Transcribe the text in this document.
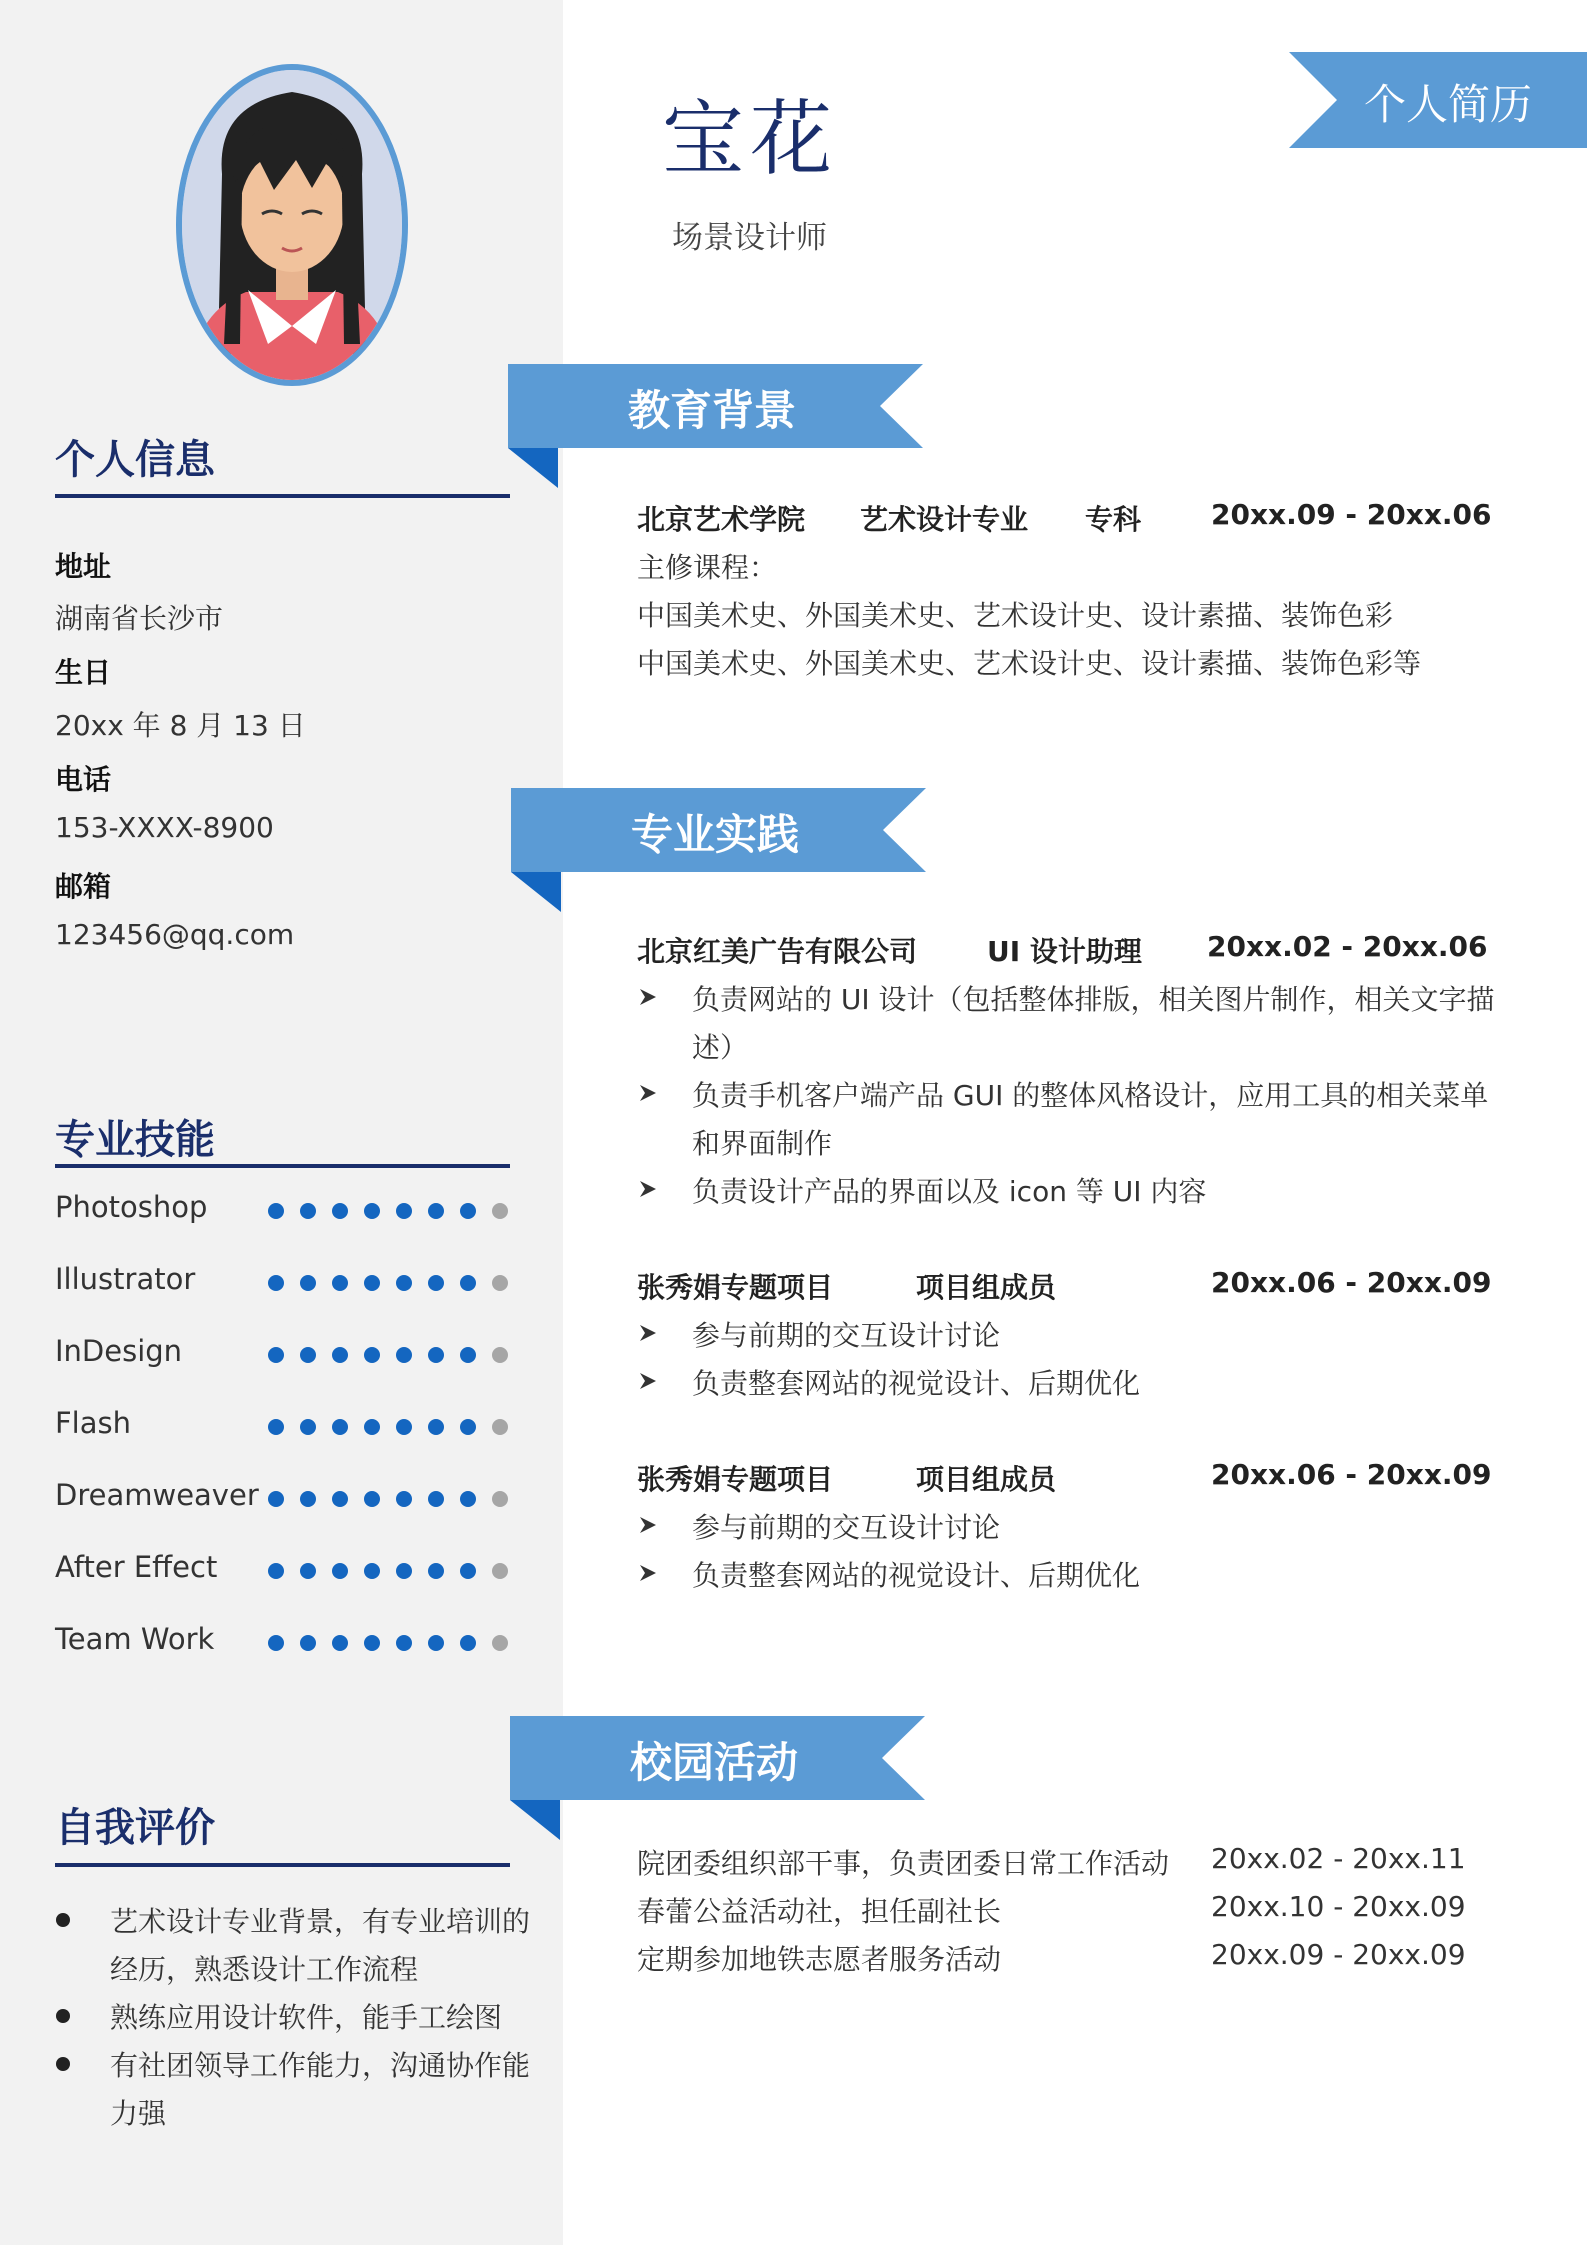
宝花
场景设计师
个人简历
个人信息
地址
湖南省长沙市
生日
20xx 年 8 月 13 日
电话
153-XXXX-8900
邮箱
123456@qq.com
专业技能
Photoshop
Illustrator
InDesign
Flash
Dreamweaver
After Effect
Team Work
自我评价
艺术设计专业背景，有专业培训的
经历，熟悉设计工作流程
熟练应用设计软件，能手工绘图
有社团领导工作能力，沟通协作能
力强
教育背景
北京艺术学院 艺术设计专业 专科 20xx.09 - 20xx.06
主修课程：
中国美术史、外国美术史、艺术设计史、设计素描、装饰色彩
中国美术史、外国美术史、艺术设计史、设计素描、装饰色彩等
专业实践
北京红美广告有限公司 UI 设计助理 20xx.02 - 20xx.06
负责网站的 UI 设计（包括整体排版，相关图片制作，相关文字描
述）
负责手机客户端产品 GUI 的整体风格设计，应用工具的相关菜单
和界面制作
负责设计产品的界面以及 icon 等 UI 内容
张秀娟专题项目	项目组成员	20xx.06 - 20xx.09
参与前期的交互设计讨论
负责整套网站的视觉设计、后期优化
张秀娟专题项目	项目组成员	20xx.06 - 20xx.09
参与前期的交互设计讨论
负责整套网站的视觉设计、后期优化
校园活动
院团委组织部干事，负责团委日常工作活动 20xx.02 - 20xx.11
春蕾公益活动社，担任副社长	20xx.10 - 20xx.09
定期参加地铁志愿者服务活动	20xx.09 - 20xx.09
